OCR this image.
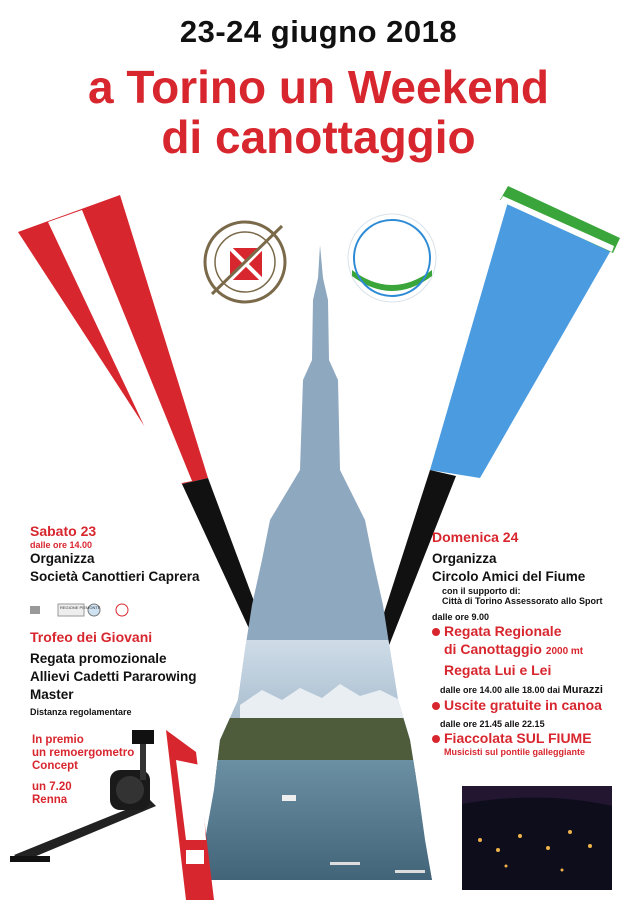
23-24 giugno 2018
a Torino un Weekend
di canottaggio
Sabato 23
dalle ore 14.00
Organizza
Società Canottieri Caprera
REGIONE PIEMONTE
Trofeo dei Giovani
Regata promozionale
Allievi Cadetti Pararowing
Master
Distanza regolamentare
In premio
un remoergometro
Concept
un 7.20
Renna
Domenica 24
Organizza
Circolo Amici del Fiume
con il supporto di:
Città di Torino Assessorato allo Sport
dalle ore 9.00
Regata Regionale
di Canottaggio 2000 mt
Regata Lui e Lei
dalle ore 14.00 alle 18.00 dai Murazzi
Uscite gratuite in canoa
dalle ore 21.45 alle 22.15
Fiaccolata SUL FIUME
Musicisti sul pontile galleggiante
